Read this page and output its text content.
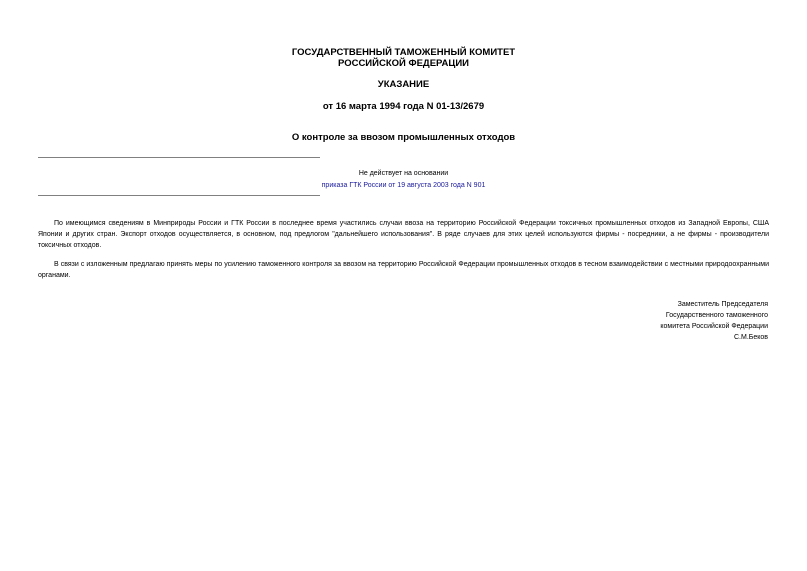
ГОСУДАРСТВЕННЫЙ ТАМОЖЕННЫЙ КОМИТЕТ
РОССИЙСКОЙ ФЕДЕРАЦИИ
УКАЗАНИЕ
от 16 марта 1994 года N 01-13/2679
О контроле за ввозом промышленных отходов
Не действует на основании
приказа ГТК России от 19 августа 2003 года N 901

По имеющимся сведениям в Минприроды России и ГТК России в последнее время участились случаи ввоза на территорию Российской Федерации токсичных промышленных отходов из Западной Европы, США Японии и других стран. Экспорт отходов осуществляется, в основном, под предлогом "дальнейшего использования". В ряде случаев для этих целей используются фирмы - посредники, а не фирмы - производители токсичных отходов.

В связи с изложенным предлагаю принять меры по усилению таможенного контроля за ввозом на территорию Российской Федерации промышленных отходов в тесном взаимодействии с местными природоохранными органами.

Заместитель Председателя
Государственного таможенного
комитета Российской Федерации
С.М.Беков
